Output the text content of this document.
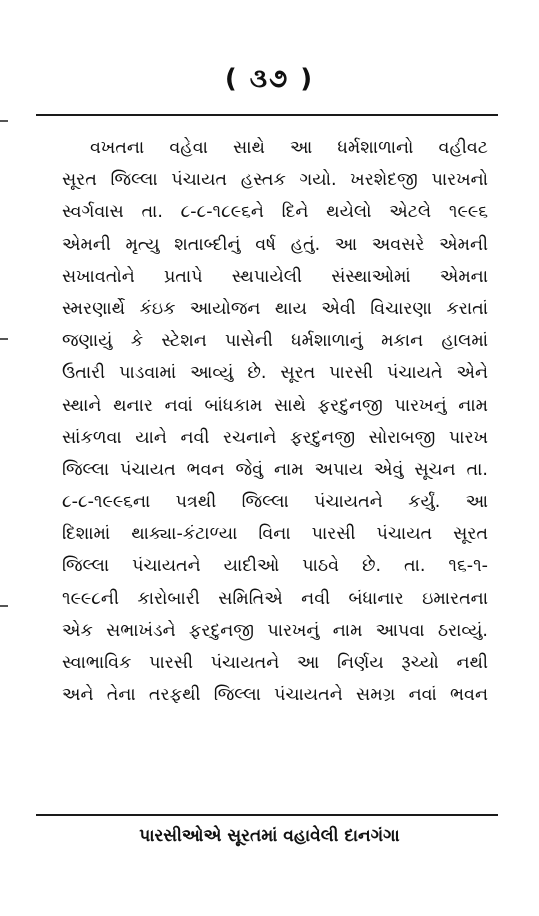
( ૩૭ )
વખતના વહેવા સાથે આ ધર્મશાળાનો વહીવટ
સૂરત જિલ્લા પંચાયત હસ્તક ગયો. ખરશેદજી પારખનો
સ્વર્ગવાસ તા. ૮-૮-૧૮૯૬ને દિને થયેલો એટલે ૧૯૯૬
એમની મૃત્યુ શતાબ્દીનું વર્ષ હતું. આ અવસરે એમની
સખાવતોને પ્રતાપે સ્થપાયેલી સંસ્થાઓમાં એમના
સ્મરણાર્થે કંઇક આયોજન થાય એવી વિચારણા કરાતાં
જણાયું કે સ્ટેશન પાસેની ધર્મશાળાનું મકાન હાલમાં
ઉતારી પાડવામાં આવ્યું છે. સૂરત પારસી પંચાયતે એને
સ્થાને થનાર નવાં બાંધકામ સાથે ફરદુનજી પારખનું નામ
સાંકળવા યાને નવી રચનાને ફરદુનજી સોરાબજી પારખ
જિલ્લા પંચાયત ભવન જેવું નામ અપાય એવું સૂચન તા.
૮-૮-૧૯૯૬ના પત્રથી જિલ્લા પંચાયતને કર્યું. આ
દિશામાં થાક્યા-કંટાળ્યા વિના પારસી પંચાયત સૂરત
જિલ્લા પંચાયતને યાદીઓ પાઠવે છે. તા. ૧૬-૧-
૧૯૯૮ની કારોબારી સમિતિએ નવી બંધાનાર ઇમારતના
એક સભાખંડને ફરદુનજી પારખનું નામ આપવા ઠરાવ્યું.
સ્વાભાવિક પારસી પંચાયતને આ નિર્ણય રૂચ્યો નથી
અને તેના તરફથી જિલ્લા પંચાયતને સમગ્ર નવાં ભવન
પારસીઓએ સૂરતમાં વહાવેલી દાનગંગા
